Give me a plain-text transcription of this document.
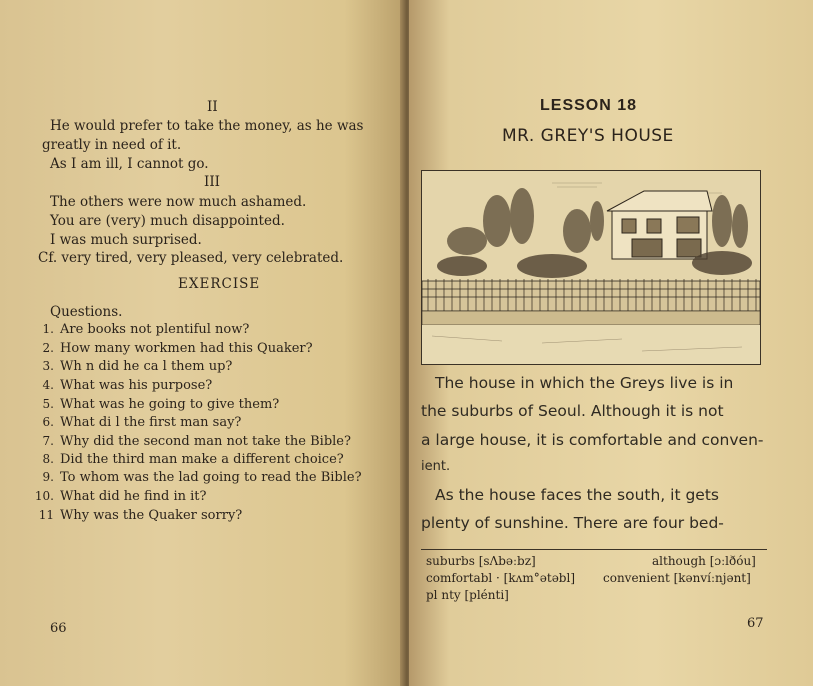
II
He would prefer to take the money, as he was
greatly in need of it.
As I am ill, I cannot go.
III
The others were now much ashamed.
You are (very) much disappointed.
I was much surprised.
Cf. very tired, very pleased, very celebrated.
EXERCISE
Questions.
1. Are books not plentiful now?
2. How many workmen had this Quaker?
3. Wh n did he ca l them up?
4. What was his purpose?
5. What was he going to give them?
6. What di l the first man say?
7. Why did the second man not take the Bible?
8. Did the third man make a different choice?
9. To whom was the lad going to read the Bible?
10. What did he find in it?
11 Why was the Quaker sorry?
66
LESSON 18
MR. GREY'S HOUSE
The house in which the Greys live is in
the suburbs of Seoul. Although it is not
a large house, it is comfortable and conven-
ient.
As the house faces the south, it gets
plenty of sunshine. There are four bed-
suburbs [sΛbəːbz]	although [ɔːlðóu]
comfortabl · [kʌm°ətəbl] convenient [kənvíːnjənt]
pl nty [plénti]
67
